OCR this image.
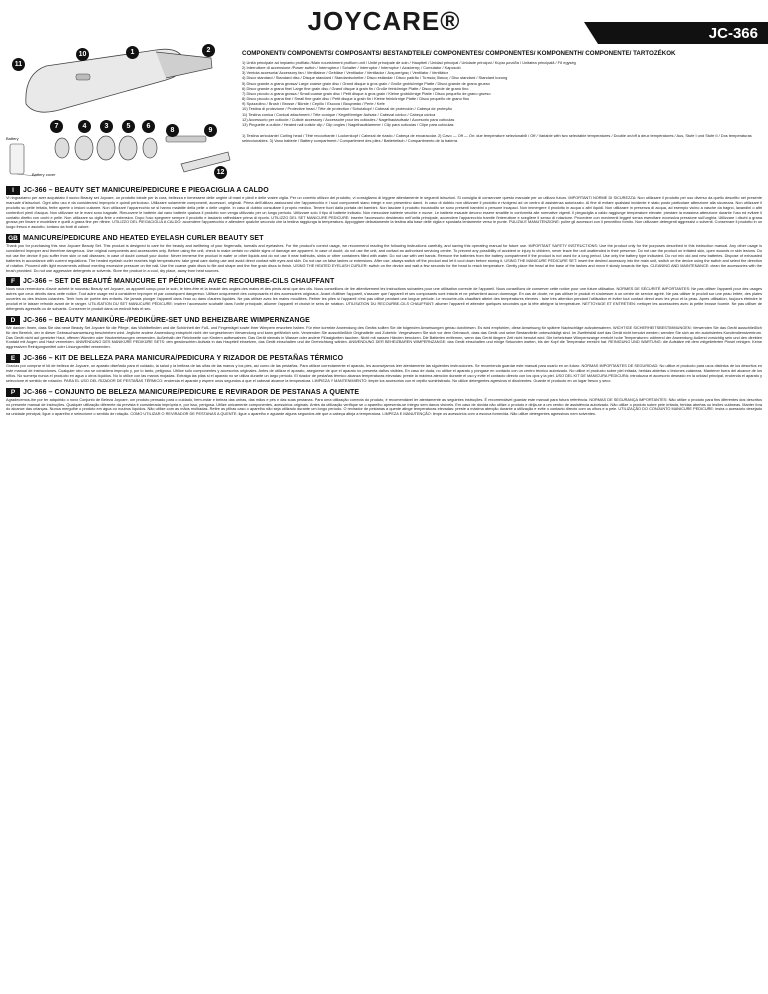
JOYCARE®	JC-366
11
10
7	4	3	5	6
1	2
8	9
12
Battery
Battery cover
COMPONENTI/ COMPONENTS/ COMPOSANTS/ BESTANDTEILE/ COMPONENTES/ COMPONENTES/ KOMPONENTH/ COMPONENTE/ TARTOZÉKOK
1) Unità principale ad impianto profilato /Main nourishment profilum unit / Unité principale de soin / Hauptteil / Unidad principal / Unidade principal / Κύρια μονάδα / Unitatea principală / Fő egység
2) Interruttore di accensione /Power switch / Interrupteur / Schalter / Interruptor / Interruptor / Διακόπτης / Comutator / Kapcsoló
3) Ventola accesoria/ Accessory fan / Ventilateur / Gebläse / Ventilador / Ventilador / Ανεμιστήρας / Ventilator / Ventilátor
4) Disco standard / Standard disc / Disque standard / Standardscheibe / Disco estándar / Disco padrão / Τυπικός δίσκος / Disc standard / Standard korong
5) Disco grande a grana grossa/ Large coarse grain disc / Grand disque à gros grain / Große grobkörnige Platte / Disco grande de grano grueso
6) Disco grande a grana fine/ Large fine grain disc / Grand disque à grain fin / Große feinkörnige Platte / Disco grande de grano fino
7) Disco piccolo a grana grossa / Small coarse grain disc / Petit disque à gros grain / Kleine grobkörnige Platte / Disco pequeño de grano grueso
8) Disco piccolo a grana fine / Small fine grain disc / Petit disque à grain fin / Kleine feinkörnige Platte / Disco pequeño de grano fino
9) Spazzolino / Brush / Brosse / Bürste / Cepillo / Escova / Βουρτσάκι / Perie / Kefe
10) Testina di protezione / Protective head / Tête de protection / Schutzkopf / Cabezal de protección / Cabeça de proteção
11) Testina conica / Conical attachment / Tête conique / Kegelförmiger Aufsatz / Cabezal cónico / Cabeça cónica
12) Accessorio per cuticole / Cuticle accessory / Accessoire pour les cuticules / Nagelhautaufsatz / Accesorio para cutículas
13) Pinguette a cuticle / Heated nail cuticle clip / Clip ongles / Nagelhautklammer / Clip para cutículas / Clipe para cutículas
1) Testina arricciante/ Curling head / Tête recourbante / Lockenkopf / Cabezal de rizado / Cabeça de encaracolar. 2) Cavo — Off — On: due temperature selezionabili / Off / Variable with two selectable temperatures / Double on/off à deux températures / Aus, Stufe I und Stufe II / Dos temperaturas seleccionables. 3) Vano batterie / Battery compartment / Compartiment des piles / Batteriefach / Compartimento de la batería.
I	JC-366 – BEAUTY SET MANICURE/PEDICURE E PIEGACIGLIA A CALDO
Vi ringraziamo per aver acquistato il nuovo Beauty set Joycare, un prodotto ideale per la cura, bellezza e benessere delle unghie di mani e piedi e delle vostre ciglia. Per un corretto utilizzo del prodotto, vi consigliamo di leggere attentamente le seguenti istruzioni. Si consiglia di conservare questo manuale per un utilizzo futuro. IMPORTANTI NORME DI SICUREZZA: Non utilizzare il prodotto per uso diverso da quello descritto nel presente manuale d'istruzioni. Ogni altro uso è da considerarsi improprio e quindi pericoloso. Utilizzare solamente componenti, accessori, originali. Prima dell'utilizzo assicurarsi che l'apparecchio e i suoi componenti siano integri e non presentino danni. In caso di dubbio non utilizzare il prodotto e rivolgersi ad un centro di assistenza autorizzato. Al fine di evitare qualsiasi incidente è stato posto particolare attenzione alla sicurezza. Non utilizzare il prodotto su pelle irritata, ferite aperte o lesioni cutanee. Non utilizzare l'apparecchio se si hanno malattie della pelle o delle unghie. In caso di dubbio consultare il proprio medico. Tenere fuori dalla portata dei bambini. Non lasciare il prodotto incustodito se sono presenti bambini o persone incapaci. Non immergere il prodotto in acqua o altri liquidi. Non utilizzare in presenza di acqua, ad esempio vicino a vasche da bagno, lavandini o altri contenitori pieni d'acqua. Non utilizzare se le mani sono bagnate. Rimuovere le batterie dal vano batterie qualora il prodotto non venga utilizzato per un lungo periodo. Utilizzare solo il tipo di batterie indicato. Non mescolare batterie vecchie e nuove. Le batterie esauste devono essere smaltite in conformità alle normative vigenti. Il piegaciglia a caldo raggiunge temperature elevate: prestare la massima attenzione durante l'uso ed evitare il contatto diretto con occhi e pelle. Non utilizzare su ciglia finte o extension. Dopo l'uso spegnere sempre il prodotto e lasciarlo raffreddare prima di riporlo. UTILIZZO DEL SET MANICURE PEDICURE: inserire l'accessorio desiderato nell'unità principale, accendere l'apparecchio tramite l'interruttore e scegliere il senso di rotazione. Procedere con movimenti leggeri senza esercitare eccessiva pressione sull'unghia. Utilizzare i dischi a grana grossa per limare e modellare e quelli a grana fine per rifinire. UTILIZZO DEL PIEGACIGLIA A CALDO: accendere l'apparecchio e attendere qualche secondo che la testina raggiunga la temperatura. Appoggiare delicatamente la testina alla base delle ciglia e spostarla lentamente verso le punte. PULIZIA E MANUTENZIONE: pulire gli accessori con il pennellino fornito. Non utilizzare detergenti aggressivi o solventi. Conservare il prodotto in un luogo fresco e asciutto, lontano da fonti di calore.
GB MANICURE/PEDICURE AND HEATED EYELASH CURLER BEAUTY SET
Thank you for purchasing this new Joycare Beauty Set. This product is designed to care for the beauty and wellbeing of your fingernails, toenails and eyelashes. For the product's correct usage, we recommend reading the following instructions carefully, and saving this operating manual for future use. IMPORTANT SAFETY INSTRUCTIONS: Use the product only for the purposes described in this instruction manual. Any other usage is considered improper and therefore dangerous. Use original components and accessories only. Before using the unit, check to make certain no visible signs of damage are apparent. In case of doubt, do not use the unit, and contact an authorised servicing centre. To prevent any possibility of accident or injury to children, never leave the unit unattended in their presence. Do not use the product on irritated skin, open wounds or skin lesions. Do not use the device if you suffer from skin or nail diseases; in case of doubt consult your doctor. Never immerse the product in water or other liquids and do not use it near bathtubs, sinks or other containers filled with water. Do not use with wet hands. Remove the batteries from the battery compartment if the product is not used for a long period. Use only the battery type indicated. Do not mix old and new batteries. Dispose of exhausted batteries in accordance with current regulations. The heated eyelash curler reaches high temperatures: take great care during use and avoid direct contact with eyes and skin. Do not use on false lashes or extensions. After use, always switch off the product and let it cool down before storing it. USING THE MANICURE PEDICURE SET: insert the desired accessory into the main unit, switch on the device using the switch and select the direction of rotation. Proceed with light movements without exerting excessive pressure on the nail. Use the coarse grain discs to file and shape and the fine grain discs to finish. USING THE HEATED EYELASH CURLER: switch on the device and wait a few seconds for the head to reach temperature. Gently place the head at the base of the lashes and move it slowly towards the tips. CLEANING AND MAINTENANCE: clean the accessories with the brush provided. Do not use aggressive detergents or solvents. Store the product in a cool, dry place, away from heat sources.
F	JC-366 – SET DE BEAUTÉ MANUCURE ET PÉDICURE AVEC RECOURBE-CILS CHAUFFANT
Nous vous remercions d'avoir acheté le nouveau Beauty set Joycare, un appareil conçu pour le soin, le bien-être et la beauté des ongles des mains et des pieds ainsi que des cils. Nous conseillons de lire attentivement les instructions suivantes pour une utilisation correcte de l'appareil. Nous conseillons de conserver cette notice pour une future utilisation. NORMES DE SÉCURITÉ IMPORTANTES: Ne pas utiliser l'appareil pour des usages autres que ceux décrits dans cette notice. Tout autre usage est à considérer impropre et par conséquent dangereux. Utiliser uniquement des composants et des accessoires originaux. Avant d'utiliser l'appareil, s'assurer que l'appareil et ses composants sont intacts et ne présentent aucun dommage. En cas de doute, ne pas utiliser le produit et s'adresser à un centre de service agréé. Ne pas utiliser le produit sur une peau irritée, des plaies ouvertes ou des lésions cutanées. Tenir hors de portée des enfants. Ne jamais plonger l'appareil dans l'eau ou dans d'autres liquides. Ne pas utiliser avec les mains mouillées. Retirer les piles si l'appareil n'est pas utilisé pendant une longue période. Le recourbe-cils chauffant atteint des températures élevées : faire très attention pendant l'utilisation et éviter tout contact direct avec les yeux et la peau. Après utilisation, toujours éteindre le produit et le laisser refroidir avant de le ranger. UTILISATION DU SET MANUCURE PÉDICURE: insérer l'accessoire souhaité dans l'unité principale, allumer l'appareil et choisir le sens de rotation. UTILISATION DU RECOURBE-CILS CHAUFFANT: allumer l'appareil et attendre quelques secondes que la tête atteigne la température. NETTOYAGE ET ENTRETIEN: nettoyer les accessoires avec la petite brosse fournie. Ne pas utiliser de détergents agressifs ou de solvants. Conserver le produit dans un endroit frais et sec.
D	JC-366 – BEAUTY MANIKÜRE-/PEDIKÜRE-SET UND BEHEIZBARE WIMPERNZANGE
Wir danken Ihnen, dass Sie das neue Beauty Set Joycare für die Pflege, das Wohlbefinden und die Schönheit der Fuß- und Fingernägel sowie Ihrer Wimpern erworben haben. Für eine korrekte Anwendung des Geräts sollten Sie die folgenden Anweisungen genau durchlesen. Es wird empfohlen, diese Anweisung für spätere Nachschläge aufzubewahren. WICHTIGE SICHERHEITSBESTIMMUNGEN: Verwenden Sie das Gerät ausschließlich für den Bereich, der in dieser Gebrauchsanweisung beschrieben wird. Jegliche andere Anwendung entspricht nicht der vorgesehenen Verwendung und kann gefährlich sein. Verwenden Sie ausschließlich Originalteile und Zubehör. Vergewissern Sie sich vor dem Gebrauch, dass das Gerät und seine Bestandteile unbeschädigt sind. Im Zweifelsfall darf das Gerät nicht benutzt werden; wenden Sie sich an ein autorisiertes Kundendienstzentrum. Das Gerät nicht auf gereizter Haut, offenen Wunden oder Hautverletzungen verwenden. Außerhalb der Reichweite von Kindern aufbewahren. Das Gerät niemals in Wasser oder andere Flüssigkeiten tauchen. Nicht mit nassen Händen benutzen. Die Batterien entfernen, wenn das Gerät längere Zeit nicht benutzt wird. Die beheizbare Wimpernzange erreicht hohe Temperaturen: während der Anwendung äußerst vorsichtig sein und den direkten Kontakt mit Augen und Haut vermeiden. ANWENDUNG DES MANIKÜRE PEDIKÜRE SETS: den gewünschten Aufsatz in das Hauptteil einsetzen, das Gerät einschalten und die Drehrichtung wählen. ANWENDUNG DER BEHEIZBAREN WIMPERNZANGE: das Gerät einschalten und einige Sekunden warten, bis der Kopf die Temperatur erreicht hat. REINIGUNG UND WARTUNG: die Aufsätze mit dem mitgelieferten Pinsel reinigen. Keine aggressiven Reinigungsmittel oder Lösungsmittel verwenden.
E	JC-366 – KIT DE BELLEZA PARA MANICURA/PEDICURA Y RIZADOR DE PESTAÑAS TÉRMICO
Gracias por comprar el kit de belleza de Joycare, un aparato diseñado para el cuidado, la salud y la belleza de las uñas de las manos y los pies, así como de las pestañas. Para utilizar correctamente el aparato, les aconsejamos leer atentamente las siguientes instrucciones. Se recomienda guardar este manual para usarlo en un futuro. NORMAS IMPORTANTES DE SEGURIDAD: No utilice el producto para usos distintos de los descritos en este manual de instrucciones. Cualquier otro uso se considera impropio y, por lo tanto, peligroso. Utilice sólo componentes y accesorios originales. Antes de utilizar el aparato, asegúrese de que el aparato no presenta daños visibles. En caso de duda, no utilice el aparato y póngase en contacto con un centro técnico autorizado. No utilice el producto sobre piel irritada, heridas abiertas o lesiones cutáneas. Mantener fuera del alcance de los niños. No sumerja nunca el producto en agua u otros líquidos. No lo utilice con las manos mojadas. Extraiga las pilas si el aparato no se utiliza durante un largo periodo. El rizador de pestañas térmico alcanza temperaturas elevadas: preste la máxima atención durante el uso y evite el contacto directo con los ojos y la piel. USO DEL KIT DE MANICURA PEDICURA: introduzca el accesorio deseado en la unidad principal, encienda el aparato y seleccione el sentido de rotación. PARA EL USO DEL RIZADOR DE PESTAÑAS TÉRMICO: encienda el aparato y espere unos segundos a que el cabezal alcance la temperatura. LIMPIEZA Y MANTENIMIENTO: limpie los accesorios con el cepillo suministrado. No utilice detergentes agresivos ni disolventes. Guarde el producto en un lugar fresco y seco.
P	JC-366 – CONJUNTO DE BELEZA MANICURE/PEDICURE E REVIRADOR DE PESTANAS A QUENTE
Agradecemos-lhe por ter adquirido o novo Conjunto de Beleza Joycare, um produto pensado para o cuidado, bem-estar e beleza das unhas, das mãos e pés e das suas pestanas. Para uma utilização correcta do produto, é recomendável ler atentamente as seguintes instruções. É recomendável guardar este manual para futura referência. NORMAS DE SEGURANÇA IMPORTANTES: Não utilize o produto para fins diferentes dos descritos no presente manual de instruções. Qualquer utilização diferente da prevista é considerada imprópria e, por isso, perigosa. Utilize unicamente componentes, acessórios originais. Antes da utilização verifique se o aparelho apresenta-se íntegro sem danos visíveis. Em caso de dúvida não utilize o produto e dirija-se a um centro de assistência autorizado. Não utilize o produto sobre pele irritada, feridas abertas ou lesões cutâneas. Manter fora do alcance das crianças. Nunca mergulhe o produto em água ou noutros líquidos. Não utilize com as mãos molhadas. Retire as pilhas caso o aparelho não seja utilizado durante um longo período. O revirador de pestanas a quente atinge temperaturas elevadas: preste a máxima atenção durante a utilização e evite o contacto directo com os olhos e a pele. UTILIZAÇÃO DO CONJUNTO MANICURE PEDICURE: insira o acessório desejado na unidade principal, ligue o aparelho e seleccione o sentido de rotação. COMO UTILIZAR O REVIRADOR DE PESTANAS A QUENTE: ligue o aparelho e aguarde alguns segundos até que a cabeça atinja a temperatura. LIMPEZA E MANUTENÇÃO: limpe os acessórios com a escova fornecida. Não utilize detergentes agressivos nem solventes.
